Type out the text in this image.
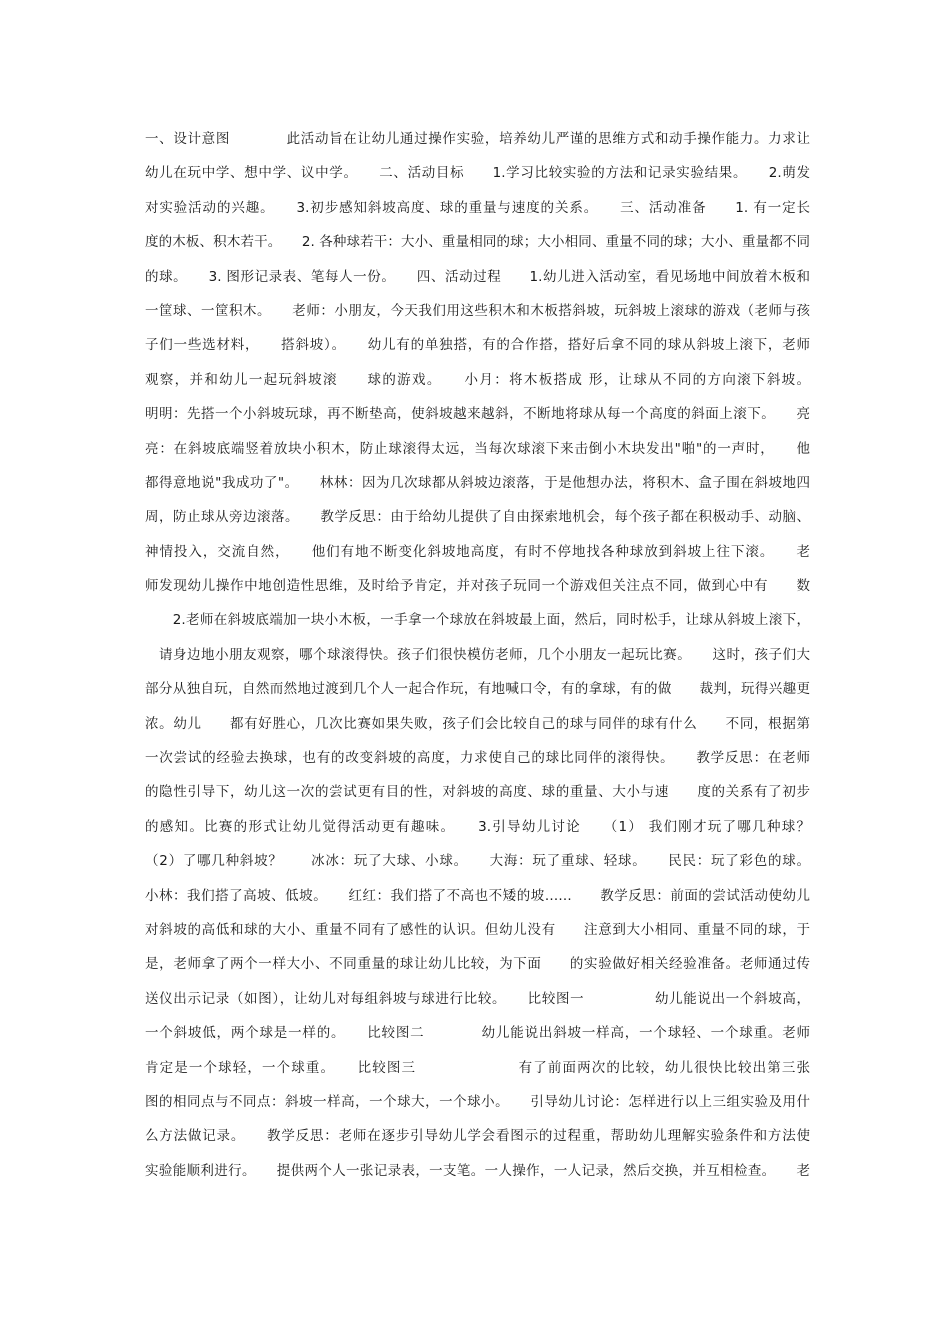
一、设计意图　　　　此活动旨在让幼儿通过操作实验，培养幼儿严谨的思维方式和动手操作能力。力求让
幼儿在玩中学、想中学、议中学。　　二、活动目标　　1.学习比较实验的方法和记录实验结果。　　2.萌发
对实验活动的兴趣。　　3.初步感知斜坡高度、球的重量与速度的关系。　　三、活动准备　　1. 有一定长
度的木板、积木若干。　　2. 各种球若干：大小、重量相同的球；大小相同、重量不同的球；大小、重量都不同
的球。　　3. 图形记录表、笔每人一份。　　四、活动过程　　1.幼儿进入活动室，看见场地中间放着木板和
一筐球、一筐积木。　　老师：小朋友，今天我们用这些积木和木板搭斜坡，玩斜坡上滚球的游戏（老师与孩
子们一些选材料，　　搭斜坡）。　　幼儿有的单独搭，有的合作搭，搭好后拿不同的球从斜坡上滚下，老师
观察，并和幼儿一起玩斜坡滚　　球的游戏。　　小月：将木板搭成 形，让球从不同的方向滚下斜坡。
明明：先搭一个小斜坡玩球，再不断垫高，使斜坡越来越斜，不断地将球从每一个高度的斜面上滚下。　　亮
亮：在斜坡底端竖着放块小积木，防止球滚得太远，当每次球滚下来击倒小木块发出"啪"的一声时，　　他
都得意地说"我成功了"。　　林林：因为几次球都从斜坡边滚落，于是他想办法，将积木、盒子围在斜坡地四
周，防止球从旁边滚落。　　教学反思：由于给幼儿提供了自由探索地机会，每个孩子都在积极动手、动脑、
神情投入，交流自然，　　他们有地不断变化斜坡地高度，有时不停地找各种球放到斜坡上往下滚。　　老
师发现幼儿操作中地创造性思维，及时给予肯定，并对孩子玩同一个游戏但关注点不同，做到心中有　　数
　　2.老师在斜坡底端加一块小木板，一手拿一个球放在斜坡最上面，然后，同时松手，让球从斜坡上滚下，
　请身边地小朋友观察，哪个球滚得快。孩子们很快模仿老师，几个小朋友一起玩比赛。　　这时，孩子们大
部分从独自玩，自然而然地过渡到几个人一起合作玩，有地喊口令，有的拿球，有的做　　裁判，玩得兴趣更
浓。幼儿　　都有好胜心，几次比赛如果失败，孩子们会比较自己的球与同伴的球有什么　　不同，根据第
一次尝试的经验去换球，也有的改变斜坡的高度，力求使自己的球比同伴的滚得快。　　教学反思：在老师
的隐性引导下，幼儿这一次的尝试更有目的性，对斜坡的高度、球的重量、大小与速　　度的关系有了初步
的感知。比赛的形式让幼儿觉得活动更有趣味。　　3.引导幼儿讨论　　（1） 我们刚才玩了哪几种球？
（2）了哪几种斜坡？　　冰冰：玩了大球、小球。　　大海：玩了重球、轻球。　　民民：玩了彩色的球。
小林：我们搭了高坡、低坡。　　红红：我们搭了不高也不矮的坡……　　教学反思：前面的尝试活动使幼儿
对斜坡的高低和球的大小、重量不同有了感性的认识。但幼儿没有　　注意到大小相同、重量不同的球，于
是，老师拿了两个一样大小、不同重量的球让幼儿比较，为下面　　的实验做好相关经验准备。老师通过传
送仪出示记录（如图），让幼儿对每组斜坡与球进行比较。　　比较图一　　　　　幼儿能说出一个斜坡高，
一个斜坡低，两个球是一样的。　　比较图二　　　　幼儿能说出斜坡一样高，一个球轻、一个球重。老师
肯定是一个球轻，一个球重。　　比较图三　　　　　　　有了前面两次的比较，幼儿很快比较出第三张
图的相同点与不同点：斜坡一样高，一个球大，一个球小。　　引导幼儿讨论：怎样进行以上三组实验及用什
么方法做记录。　　教学反思：老师在逐步引导幼儿学会看图示的过程重，帮助幼儿理解实验条件和方法使
实验能顺利进行。　　提供两个人一张记录表，一支笔。一人操作，一人记录，然后交换，并互相检查。　　老
